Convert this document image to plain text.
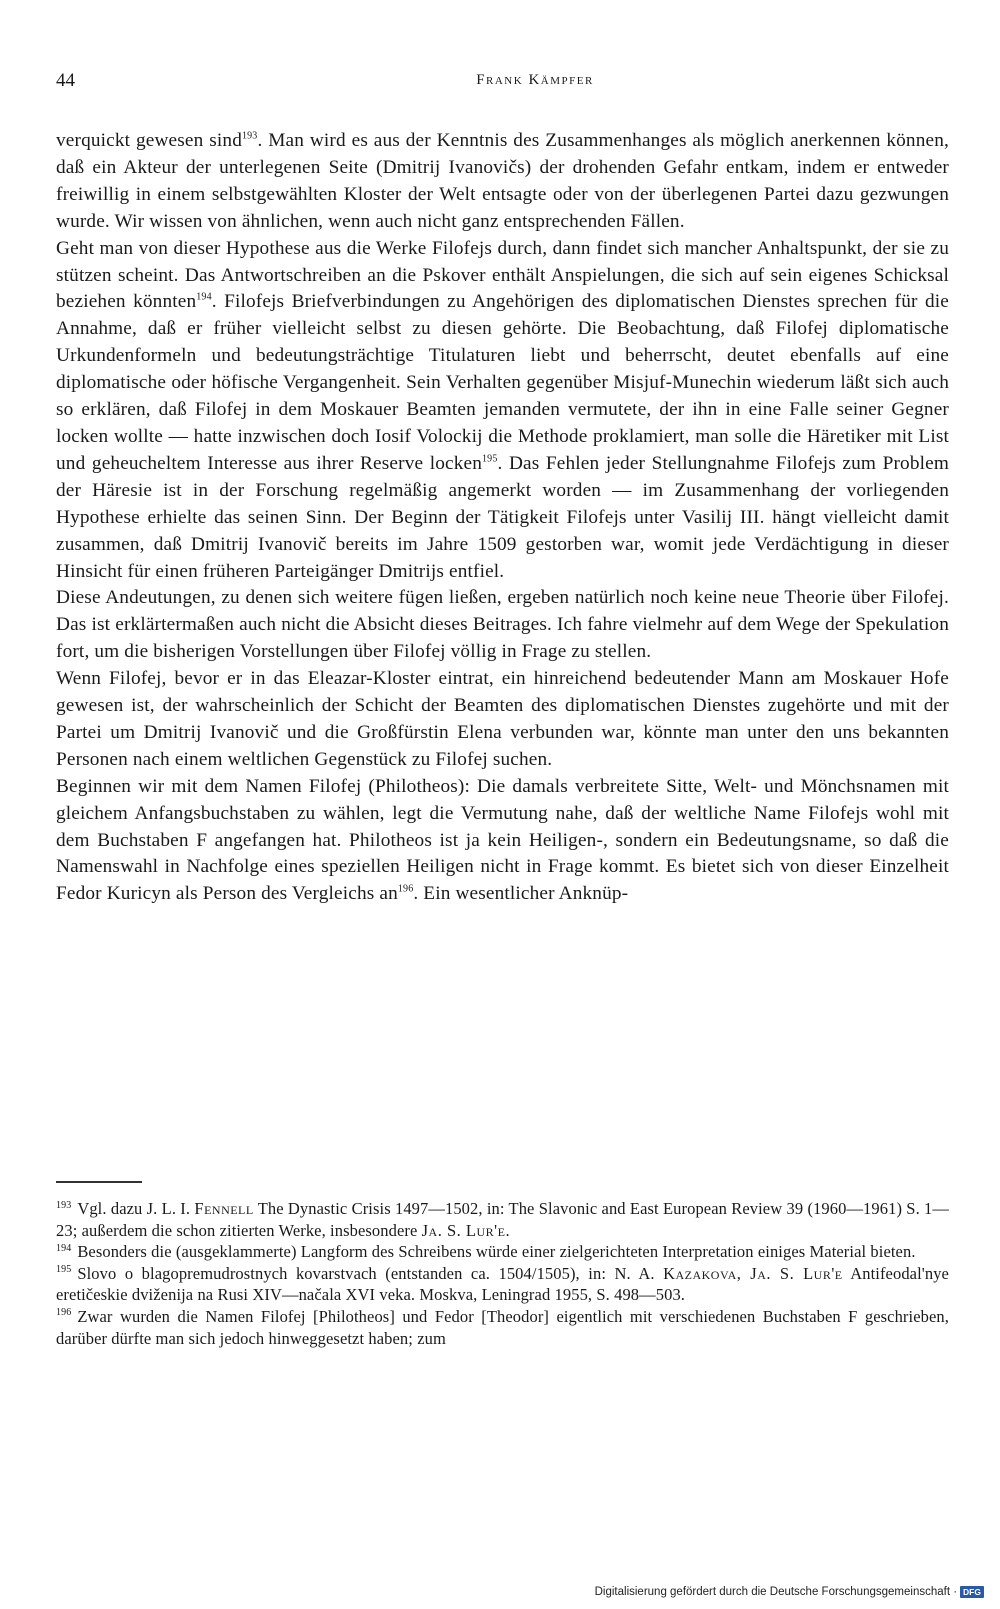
44	Frank Kämpfer

verquickt gewesen sind$^{193}$. Man wird es aus der Kenntnis des Zusammenhanges als möglich anerkennen können, daß ein Akteur der unterlegenen Seite (Dmitrij Ivanovičs) der drohenden Gefahr entkam, indem er entweder freiwillig in einem selbstgewählten Kloster der Welt entsagte oder von der überlegenen Partei dazu gezwungen wurde. Wir wissen von ähnlichen, wenn auch nicht ganz entsprechenden Fällen.

Geht man von dieser Hypothese aus die Werke Filofejs durch, dann findet sich mancher Anhaltspunkt, der sie zu stützen scheint. Das Antwortschreiben an die Pskover enthält Anspielungen, die sich auf sein eigenes Schicksal beziehen könnten$^{194}$. Filofejs Briefverbindungen zu Angehörigen des diplomatischen Dienstes sprechen für die Annahme, daß er früher vielleicht selbst zu diesen gehörte. Die Beobachtung, daß Filofej diplomatische Urkundenformeln und bedeutungsträchtige Titulaturen liebt und beherrscht, deutet ebenfalls auf eine diplomatische oder höfische Vergangenheit. Sein Verhalten gegenüber Misjuf-Munechin wiederum läßt sich auch so erklären, daß Filofej in dem Moskauer Beamten jemanden vermutete, der ihn in eine Falle seiner Gegner locken wollte — hatte inzwischen doch Iosif Volockij die Methode proklamiert, man solle die Häretiker mit List und geheucheltem Interesse aus ihrer Reserve locken$^{195}$. Das Fehlen jeder Stellungnahme Filofejs zum Problem der Häresie ist in der Forschung regelmäßig angemerkt worden — im Zusammenhang der vorliegenden Hypothese erhielte das seinen Sinn. Der Beginn der Tätigkeit Filofejs unter Vasilij III. hängt vielleicht damit zusammen, daß Dmitrij Ivanovič bereits im Jahre 1509 gestorben war, womit jede Verdächtigung in dieser Hinsicht für einen früheren Parteigänger Dmitrijs entfiel.

Diese Andeutungen, zu denen sich weitere fügen ließen, ergeben natürlich noch keine neue Theorie über Filofej. Das ist erklärtermaßen auch nicht die Absicht dieses Beitrages. Ich fahre vielmehr auf dem Wege der Spekulation fort, um die bisherigen Vorstellungen über Filofej völlig in Frage zu stellen.

Wenn Filofej, bevor er in das Eleazar-Kloster eintrat, ein hinreichend bedeutender Mann am Moskauer Hofe gewesen ist, der wahrscheinlich der Schicht der Beamten des diplomatischen Dienstes zugehörte und mit der Partei um Dmitrij Ivanovič und die Großfürstin Elena verbunden war, könnte man unter den uns bekannten Personen nach einem weltlichen Gegenstück zu Filofej suchen.

Beginnen wir mit dem Namen Filofej (Philotheos): Die damals verbreitete Sitte, Welt- und Mönchsnamen mit gleichem Anfangsbuchstaben zu wählen, legt die Vermutung nahe, daß der weltliche Name Filofejs wohl mit dem Buchstaben F angefangen hat. Philotheos ist ja kein Heiligen-, sondern ein Bedeutungsname, so daß die Namenswahl in Nachfolge eines speziellen Heiligen nicht in Frage kommt. Es bietet sich von dieser Einzelheit Fedor Kuricyn als Person des Vergleichs $an^{196}$. Ein wesentlicher Anknüp-

$^{193}$ Vgl. dazu J. L. I. Fennell The Dynastic Crisis 1497—1502, in: The Slavonic and East European Review 39 (1960—1961) S. 1—23; außerdem die schon zitierten Werke, insbesondere Ja. S. Lur'e.

$^{194}$ Besonders die (ausgeklammerte) Langform des Schreibens würde einer zielgerichteten Interpretation einiges Material bieten.

$^{195}$ Slovo o blagopremudrostnych kovarstvach (entstanden ca. 1504/1505), in: N. A. Kazakova, Ja. S. Lur'e Antifeodal'nye eretičeskie dviženija na Rusi XIV—načala XVI veka. Moskva, Leningrad 1955, S. 498—503.

$^{196}$ Zwar wurden die Namen Filofej [Philotheos] und Fedor [Theodor] eigentlich mit verschiedenen Buchstaben F geschrieben, darüber dürfte man sich jedoch hinweggesetzt haben; zum

Digitalisierung gefördert durch die Deutsche Forschungsgemeinschaft · DFG
